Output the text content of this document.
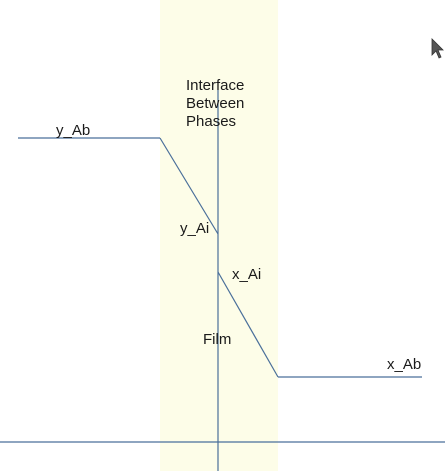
Interface
Between
Phases
y_Ab
y_Ai
x_Ai
Film
x_Ab
